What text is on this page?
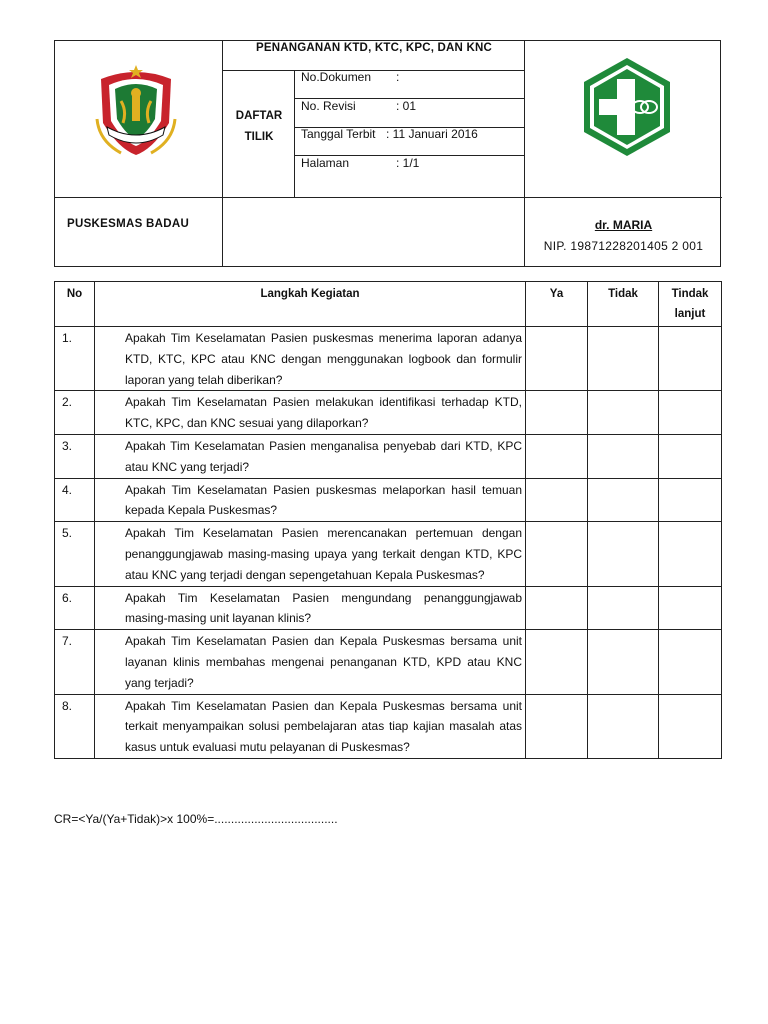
PENANGANAN KTD, KTC, KPC, DAN KNC
DAFTAR
TILIK
No.Dokumen :
No. Revisi	: 01
Tanggal Terbit : 11 Januari 2016
Halaman	: 1/1
PUSKESMAS BADAU	dr. MARIA
NIP. 19871228201405 2 001
No	Langkah Kegiatan	Ya	Tidak	Tindak lanjut
1.	Apakah Tim Keselamatan Pasien puskesmas menerima laporan adanya KTD, KTC, KPC atau KNC dengan menggunakan logbook dan formulir laporan yang telah diberikan?			
2.	Apakah Tim Keselamatan Pasien melakukan identifikasi terhadap KTD, KTC, KPC, dan KNC sesuai yang dilaporkan?			
3.	Apakah Tim Keselamatan Pasien menganalisa penyebab dari KTD, KPC atau KNC yang terjadi?			
4.	Apakah Tim Keselamatan Pasien puskesmas melaporkan hasil temuan kepada Kepala Puskesmas?			
5.	Apakah Tim Keselamatan Pasien merencanakan pertemuan dengan penanggungjawab masing-masing upaya yang terkait dengan KTD, KPC atau KNC yang terjadi dengan sepengetahuan Kepala Puskesmas?			
6.	Apakah Tim Keselamatan Pasien mengundang penanggungjawab masing-masing unit layanan klinis?			
7.	Apakah Tim Keselamatan Pasien dan Kepala Puskesmas bersama unit layanan klinis membahas mengenai penanganan KTD, KPD atau KNC yang terjadi?			
8.	Apakah Tim Keselamatan Pasien dan Kepala Puskesmas bersama unit terkait menyampaikan solusi pembelajaran atas tiap kajian masalah atas kasus untuk evaluasi mutu pelayanan di Puskesmas?			
CR=<Ya/(Ya+Tidak)>x 100%=.....................................
